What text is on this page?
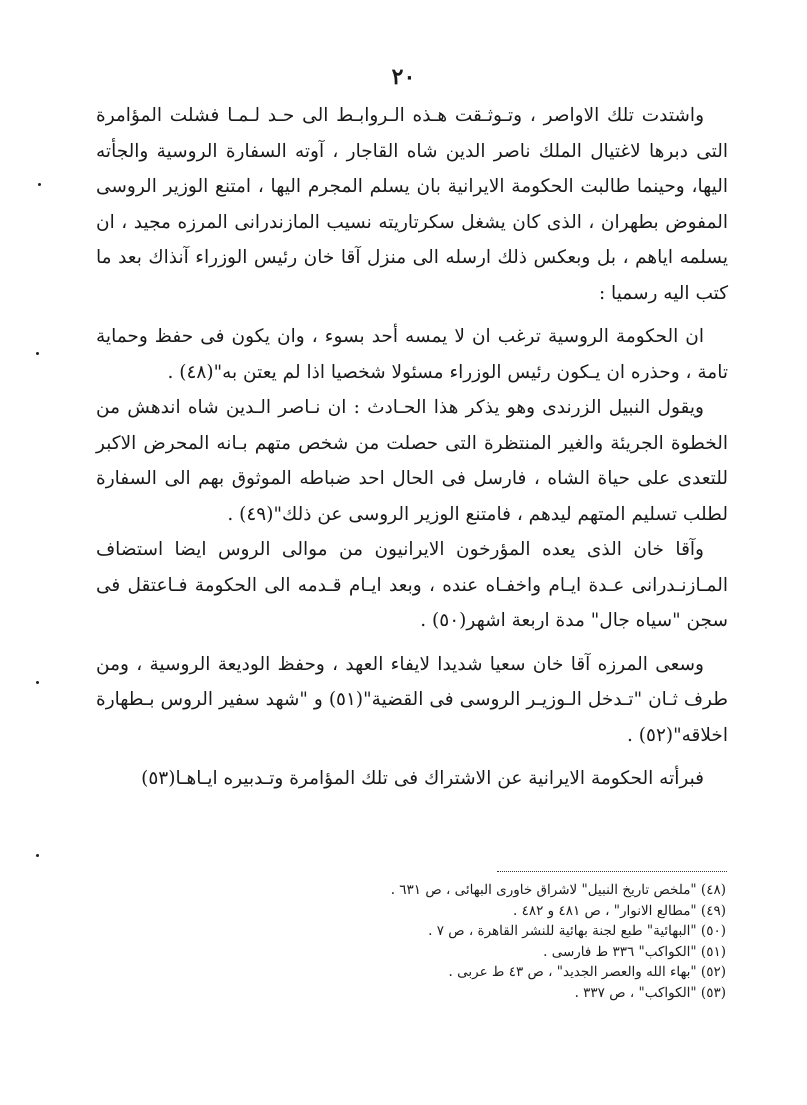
٢٠

واشتدت تلك الاواصر ، وتـوثـقت هـذه الـروابـط الى حـد لـمـا فشلت المؤامرة التى دبرها لاغتيال الملك ناصر الدين شاه القاجار ، آوته السفارة الروسية والجأته اليها، وحينما طالبت الحكومة الايرانية بان يسلم المجرم اليها ، امتنع الوزير الروسى المفوض بطهران ، الذى كان يشغل سكرتاريته نسيب المازندرانى المرزه مجيد ، ان يسلمه اياهم ، بل وبعكس ذلك ارسله الى منزل آقا خان رئيس الوزراء آنذاك بعد ما كتب اليه رسميا :

ان الحكومة الروسية ترغب ان لا يمسه أحد بسوء ، وان يكون فى حفظ وحماية تامة ، وحذره ان يـكون رئيس الوزراء مسئولا شخصيا اذا لم يعتن به"(٤٨) .

ويقول النبيل الزرندى وهو يذكر هذا الحـادث : ان نـاصر الـدين شاه اندهش من الخطوة الجريئة والغير المنتظرة التى حصلت من شخص متهم بـانه المحرض الاكبر للتعدى على حياة الشاه ، فارسل فى الحال احد ضباطه الموثوق بهم الى السفارة لطلب تسليم المتهم ليدهم ، فامتنع الوزير الروسى عن ذلك"(٤٩) .

وآقا خان الذى يعده المؤرخون الايرانيون من موالى الروس ايضا استضاف المـازنـدرانى عـدة ايـام واخفـاه عنده ، وبعد ايـام قـدمه الى الحكومة فـاعتقل فى سجن "سياه جال" مدة اربعة اشهر(٥٠) .

وسعى المرزه آقا خان سعيا شديدا لايفاء العهد ، وحفظ الوديعة الروسية ، ومن طرف ثـان "تـدخل الـوزيـر الروسى فى القضية"(٥١) و "شهد سفير الروس بـطهارة اخلاقه"(٥٢) .

فبرأته الحكومة الايرانية عن الاشتراك فى تلك المؤامرة وتـدبيره ايـاهـا(٥٣)

(٤٨) "ملخص تاريخ النبيل" لاشراق خاورى البهائى ، ص ٦٣١ .
(٤٩) "مطالع الانوار" ، ص ٤٨١ و ٤٨٢ .
(٥٠) "البهائية" طبع لجنة بهائية للنشر القاهرة ، ص ٧ .
(٥١) "الكواكب" ٣٣٦ ط فارسى .
(٥٢) "بهاء الله والعصر الجديد" ، ص ٤٣ ط عربى .
(٥٣) "الكواكب" ، ص ٣٣٧ .
